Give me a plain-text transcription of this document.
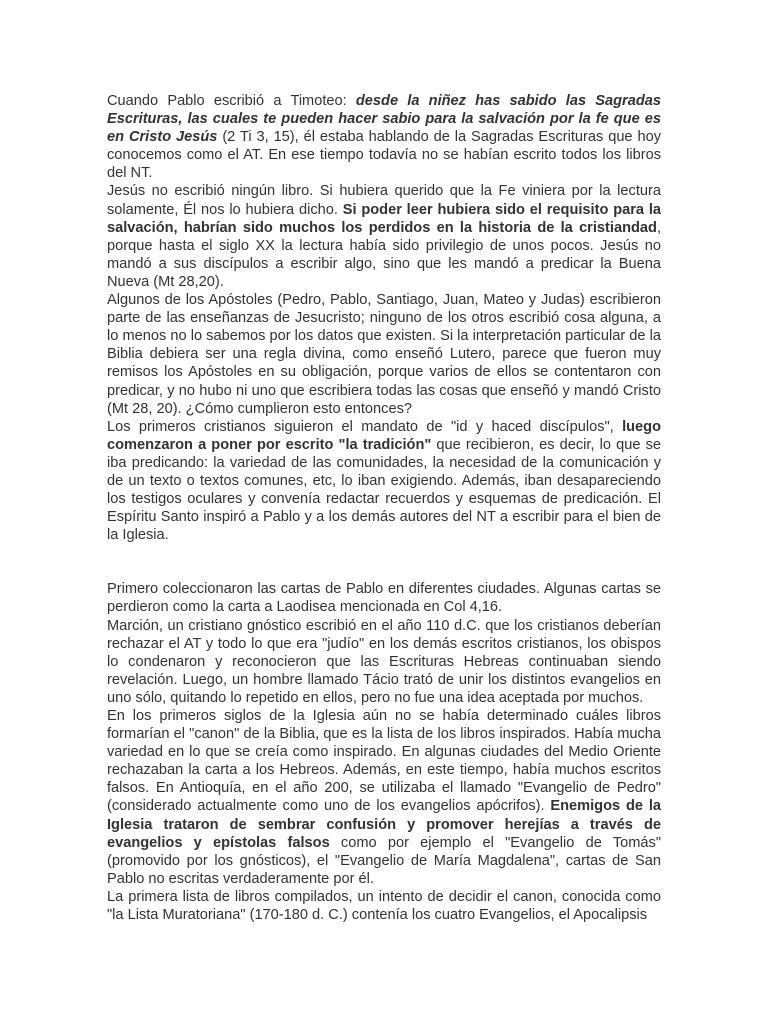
Cuando Pablo escribió a Timoteo: desde la niñez has sabido las Sagradas Escrituras, las cuales te pueden hacer sabio para la salvación por la fe que es en Cristo Jesús (2 Ti 3, 15), él estaba hablando de la Sagradas Escrituras que hoy conocemos como el AT. En ese tiempo todavía no se habían escrito todos los libros del NT.

Jesús no escribió ningún libro. Si hubiera querido que la Fe viniera por la lectura solamente, Él nos lo hubiera dicho. Si poder leer hubiera sido el requisito para la salvación, habrían sido muchos los perdidos en la historia de la cristiandad, porque hasta el siglo XX la lectura había sido privilegio de unos pocos. Jesús no mandó a sus discípulos a escribir algo, sino que les mandó a predicar la Buena Nueva (Mt 28,20).

Algunos de los Apóstoles (Pedro, Pablo, Santiago, Juan, Mateo y Judas) escribieron parte de las enseñanzas de Jesucristo; ninguno de los otros escribió cosa alguna, a lo menos no lo sabemos por los datos que existen. Si la interpretación particular de la Biblia debiera ser una regla divina, como enseñó Lutero, parece que fueron muy remisos los Apóstoles en su obligación, porque varios de ellos se contentaron con predicar, y no hubo ni uno que escribiera todas las cosas que enseñó y mandó Cristo (Mt 28, 20). ¿Cómo cumplieron esto entonces?

Los primeros cristianos siguieron el mandato de "id y haced discípulos", luego comenzaron a poner por escrito "la tradición" que recibieron, es decir, lo que se iba predicando: la variedad de las comunidades, la necesidad de la comunicación y de un texto o textos comunes, etc, lo iban exigiendo. Además, iban desapareciendo los testigos oculares y convenía redactar recuerdos y esquemas de predicación. El Espíritu Santo inspiró a Pablo y a los demás autores del NT a escribir para el bien de la Iglesia.

Primero coleccionaron las cartas de Pablo en diferentes ciudades. Algunas cartas se perdieron como la carta a Laodisea mencionada en Col 4,16.

Marción, un cristiano gnóstico escribió en el año 110 d.C. que los cristianos deberían rechazar el AT y todo lo que era "judío" en los demás escritos cristianos, los obispos lo condenaron y reconocieron que las Escrituras Hebreas continuaban siendo revelación. Luego, un hombre llamado Tácio trató de unir los distintos evangelios en uno sólo, quitando lo repetido en ellos, pero no fue una idea aceptada por muchos.

En los primeros siglos de la Iglesia aún no se había determinado cuáles libros formarían el "canon" de la Biblia, que es la lista de los libros inspirados. Había mucha variedad en lo que se creía como inspirado. En algunas ciudades del Medio Oriente rechazaban la carta a los Hebreos. Además, en este tiempo, había muchos escritos falsos. En Antioquía, en el año 200, se utilizaba el llamado "Evangelio de Pedro" (considerado actualmente como uno de los evangelios apócrifos). Enemigos de la Iglesia trataron de sembrar confusión y promover herejías a través de evangelios y epístolas falsos como por ejemplo el "Evangelio de Tomás" (promovido por los gnósticos), el "Evangelio de María Magdalena", cartas de San Pablo no escritas verdaderamente por él.

La primera lista de libros compilados, un intento de decidir el canon, conocida como "la Lista Muratoriana" (170-180 d. C.) contenía los cuatro Evangelios, el Apocalipsis
